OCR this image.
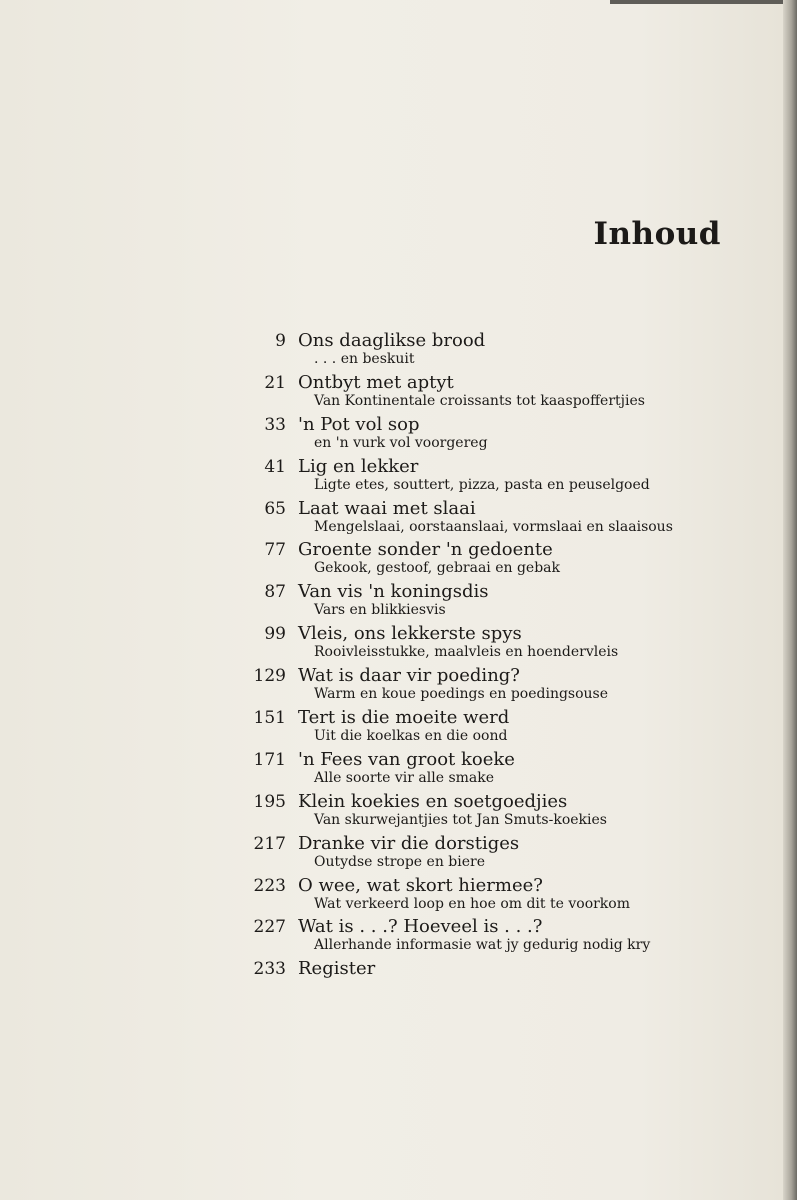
Inhoud
9 Ons daaglikse brood
. . . en beskuit
21 Ontbyt met aptyt
Van Kontinentale croissants tot kaaspoffertjies
33 'n Pot vol sop
en 'n vurk vol voorgereg
41 Lig en lekker
Ligte etes, souttert, pizza, pasta en peuselgoed
65 Laat waai met slaai
Mengelslaai, oorstaanslaai, vormslaai en slaaisous
77 Groente sonder 'n gedoente
Gekook, gestoof, gebraai en gebak
87 Van vis 'n koningsdis
Vars en blikkiesvis
99 Vleis, ons lekkerste spys
Rooivleisstukke, maalvleis en hoendervleis
129 Wat is daar vir poeding?
Warm en koue poedings en poedingsouse
151 Tert is die moeite werd
Uit die koelkas en die oond
171 'n Fees van groot koeke
Alle soorte vir alle smake
195 Klein koekies en soetgoedjies
Van skurwejantjies tot Jan Smuts-koekies
217 Dranke vir die dorstiges
Outydse strope en biere
223 O wee, wat skort hiermee?
Wat verkeerd loop en hoe om dit te voorkom
227 Wat is . . .? Hoeveel is . . .?
Allerhande informasie wat jy gedurig nodig kry
233 Register
